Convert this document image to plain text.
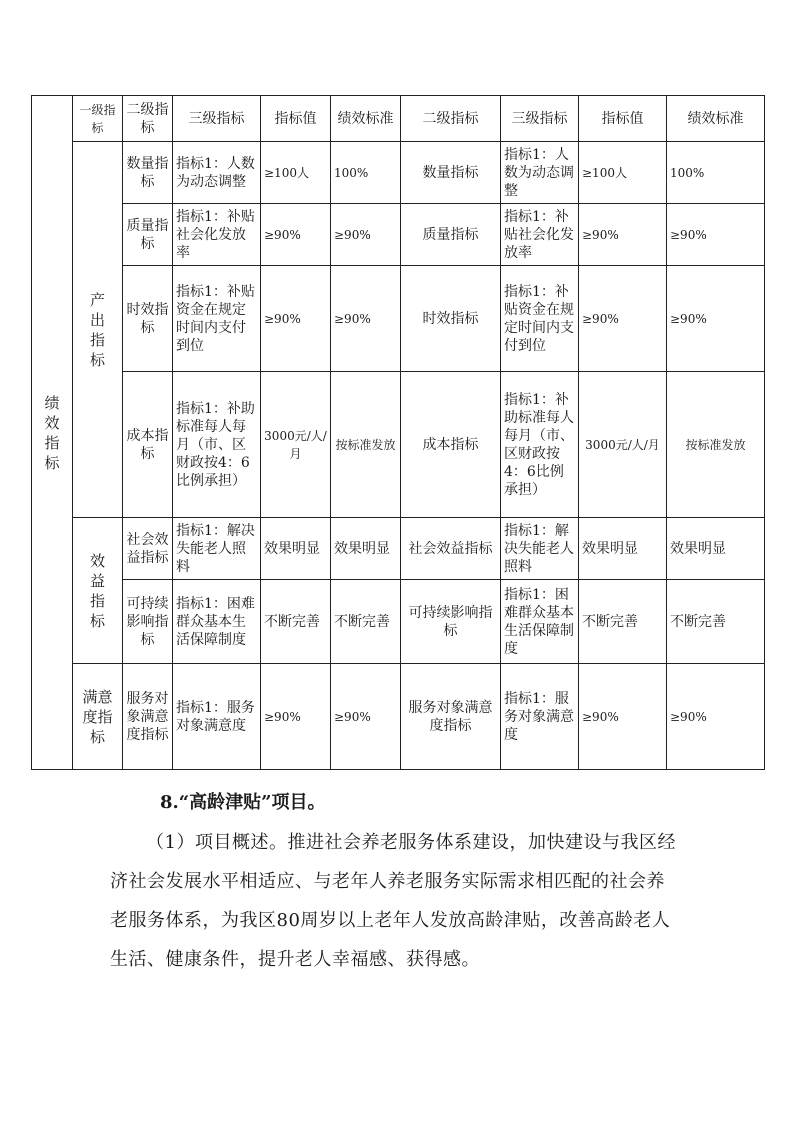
绩效指标	一级指标	二级指标	三级指标	指标值	绩效标准	二级指标	三级指标	指标值	绩效标准

	产出指标	数量指标	指标1：人数为动态调整	≥100人	100%	数量指标	指标1：人数为动态调整	≥100人	100%
		质量指标	指标1：补贴社会化发放率	≥90%	≥90%	质量指标	指标1：补贴社会化发放率	≥90%	≥90%
		时效指标	指标1：补贴资金在规定时间内支付到位	≥90%	≥90%	时效指标	指标1：补贴资金在规定时间内支付到位	≥90%	≥90%
		成本指标	指标1：补助标准每人每月（市、区财政按4：6比例承担）	3000元/人/月	按标准发放	成本指标	指标1：补助标准每人每月（市、区财政按4：6比例承担）	3000元/人/月	按标准发放

	效益指标	社会效益指标	指标1：解决失能老人照料	效果明显	效果明显	社会效益指标	指标1：解决失能老人照料	效果明显	效果明显
		可持续影响指标	指标1：困难群众基本生活保障制度	不断完善	不断完善	可持续影响指标	指标1：困难群众基本生活保障制度	不断完善	不断完善

	满意度指标	服务对象满意度指标	指标1：服务对象满意度	≥90%	≥90%	服务对象满意度指标	指标1：服务对象满意度	≥90%	≥90%
8.“高龄津贴”项目。
（1）项目概述。推进社会养老服务体系建设，加快建设与我区经济社会发展水平相适应、与老年人养老服务实际需求相匹配的社会养老服务体系，为我区80周岁以上老年人发放高龄津贴，改善高龄老人生活、健康条件，提升老人幸福感、获得感。
